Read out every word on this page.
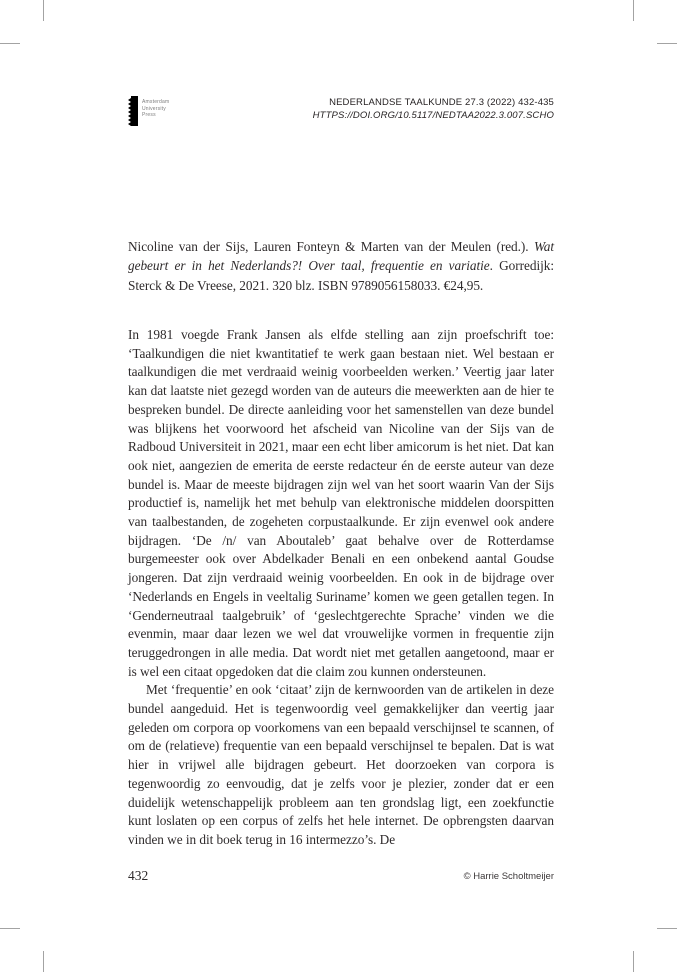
Amsterdam
University
Press
NEDERLANDSE TAALKUNDE 27.3 (2022) 432-435
HTTPS://DOI.ORG/10.5117/NEDTAA2022.3.007.SCHO
Nicoline van der Sijs, Lauren Fonteyn & Marten van der Meulen (red.). Wat gebeurt er in het Nederlands?! Over taal, frequentie en variatie. Gorredijk: Sterck & De Vreese, 2021. 320 blz. ISBN 9789056158033. €24,95.

In 1981 voegde Frank Jansen als elfde stelling aan zijn proefschrift toe: ‘Taalkundigen die niet kwantitatief te werk gaan bestaan niet. Wel bestaan er taalkundigen die met verdraaid weinig voorbeelden werken.’ Veertig jaar later kan dat laatste niet gezegd worden van de auteurs die meewerkten aan de hier te bespreken bundel. De directe aanleiding voor het samenstellen van deze bundel was blijkens het voorwoord het afscheid van Nicoline van der Sijs van de Radboud Universiteit in 2021, maar een echt liber amicorum is het niet. Dat kan ook niet, aangezien de emerita de eerste redacteur én de eerste auteur van deze bundel is. Maar de meeste bijdragen zijn wel van het soort waarin Van der Sijs productief is, namelijk het met behulp van elektronische middelen doorspitten van taalbestanden, de zogeheten corpustaalkunde. Er zijn evenwel ook andere bijdragen. ‘De /n/ van Aboutaleb’ gaat behalve over de Rotterdamse burgemeester ook over Abdelkader Benali en een onbekend aantal Goudse jongeren. Dat zijn verdraaid weinig voorbeelden. En ook in de bijdrage over ‘Nederlands en Engels in veeltalig Suriname’ komen we geen getallen tegen. In ‘Genderneutraal taalgebruik’ of ‘geslechtgerechte Sprache’ vinden we die evenmin, maar daar lezen we wel dat vrouwelijke vormen in frequentie zijn teruggedrongen in alle media. Dat wordt niet met getallen aangetoond, maar er is wel een citaat opgedoken dat die claim zou kunnen ondersteunen.

Met ‘frequentie’ en ook ‘citaat’ zijn de kernwoorden van de artikelen in deze bundel aangeduid. Het is tegenwoordig veel gemakkelijker dan veertig jaar geleden om corpora op voorkomens van een bepaald verschijnsel te scannen, of om de (relatieve) frequentie van een bepaald verschijnsel te bepalen. Dat is wat hier in vrijwel alle bijdragen gebeurt. Het doorzoeken van corpora is tegenwoordig zo eenvoudig, dat je zelfs voor je plezier, zonder dat er een duidelijk wetenschappelijk probleem aan ten grondslag ligt, een zoekfunctie kunt loslaten op een corpus of zelfs het hele internet. De opbrengsten daarvan vinden we in dit boek terug in 16 intermezzo’s. De

432	© Harrie Scholtmeijer
